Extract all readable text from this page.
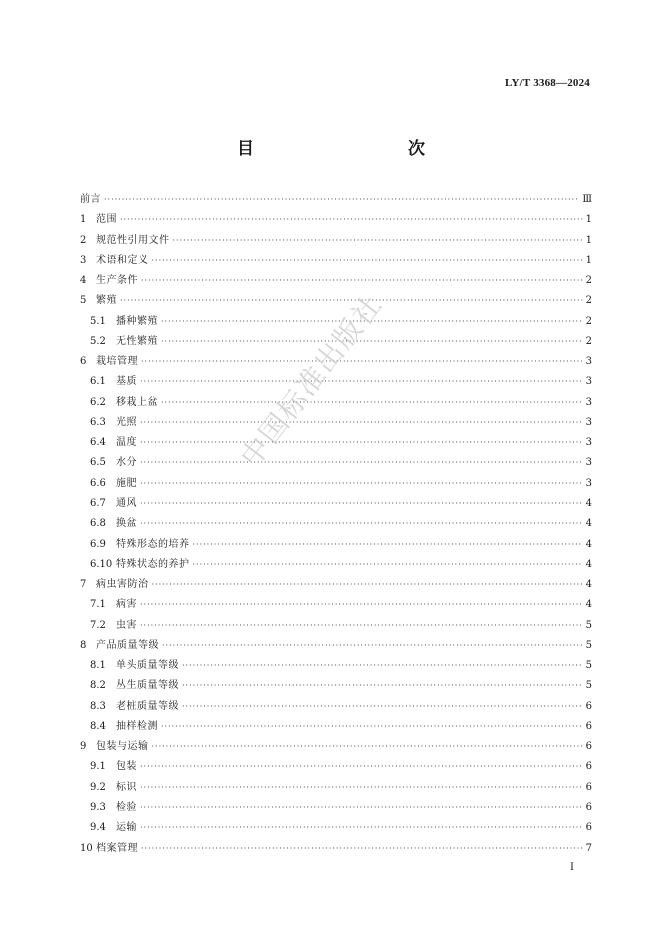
LY/T 3368—2024
目　　次
前言 ·····	Ⅲ
1 范围 ·····	1
2 规范性引用文件 ·····	1
3 术语和定义 ·····	1
4 生产条件 ·····	2
5 繁殖 ·····	2
5.1	播种繁殖 ·····	2
5.2	无性繁殖 ·····	2
6 栽培管理 ·····	3
6.1	基质 ·····	3
6.2	移栽上盆 ·····	3
6.3	光照 ·····	3
6.4	温度 ·····	3
6.5	水分 ·····	3
6.6	施肥 ·····	3
6.7	通风 ·····	4
6.8	换盆 ·····	4
6.9	特殊形态的培养 ·····	4
6.10 特殊状态的养护 ·····	4
7 病虫害防治 ·····	4
7.1	病害 ·····	4
7.2	虫害 ·····	5
8 产品质量等级 ·····	5
8.1	单头质量等级 ·····	5
8.2	丛生质量等级 ·····	5
8.3	老桩质量等级 ·····	6
8.4	抽样检测 ·····	6
9 包装与运输 ·····	6
9.1	包装 ·····	6
9.2	标识 ·····	6
9.3	检验 ·····	6
9.4	运输 ·····	6
10 档案管理 ·····	7
中国标准出版社
Ⅰ
